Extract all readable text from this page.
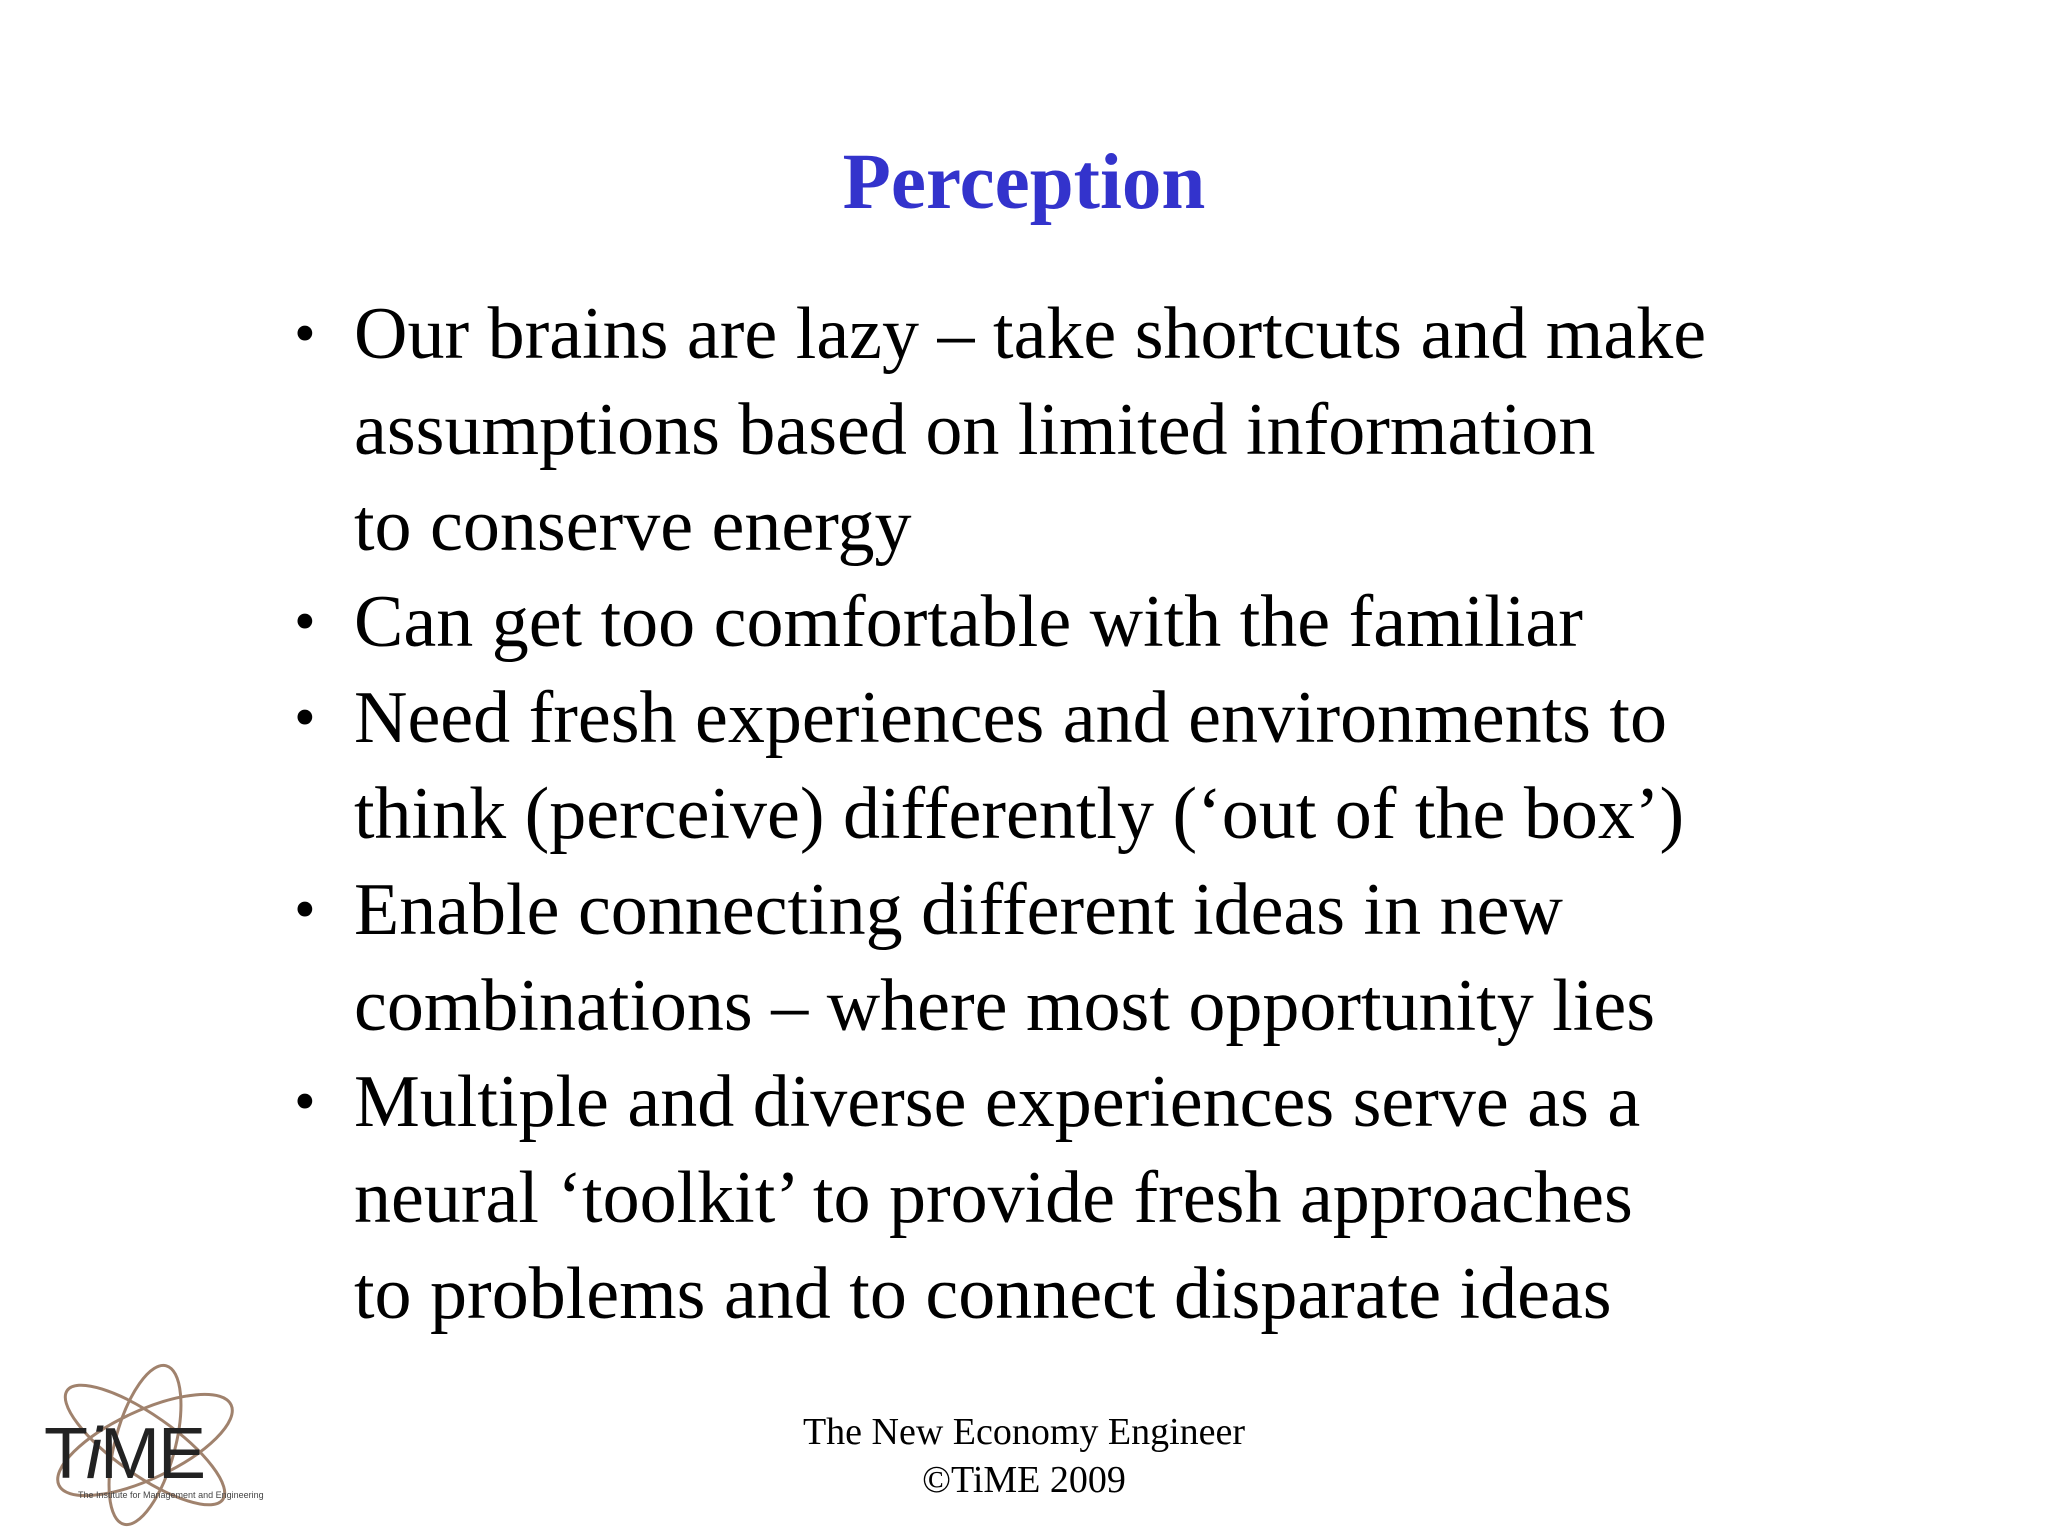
Perception
• Our brains are lazy – take shortcuts and make
assumptions based on limited information
to conserve energy
• Can get too comfortable with the familiar
• Need fresh experiences and environments to
think (perceive) differently (‘out of the box’)
• Enable connecting different ideas in new
combinations – where most opportunity lies
• Multiple and diverse experiences serve as a
neural ‘toolkit’ to provide fresh approaches
to problems and to connect disparate ideas
TiME
The Institute for Management and Engineering
The New Economy Engineer
©TiME 2009
